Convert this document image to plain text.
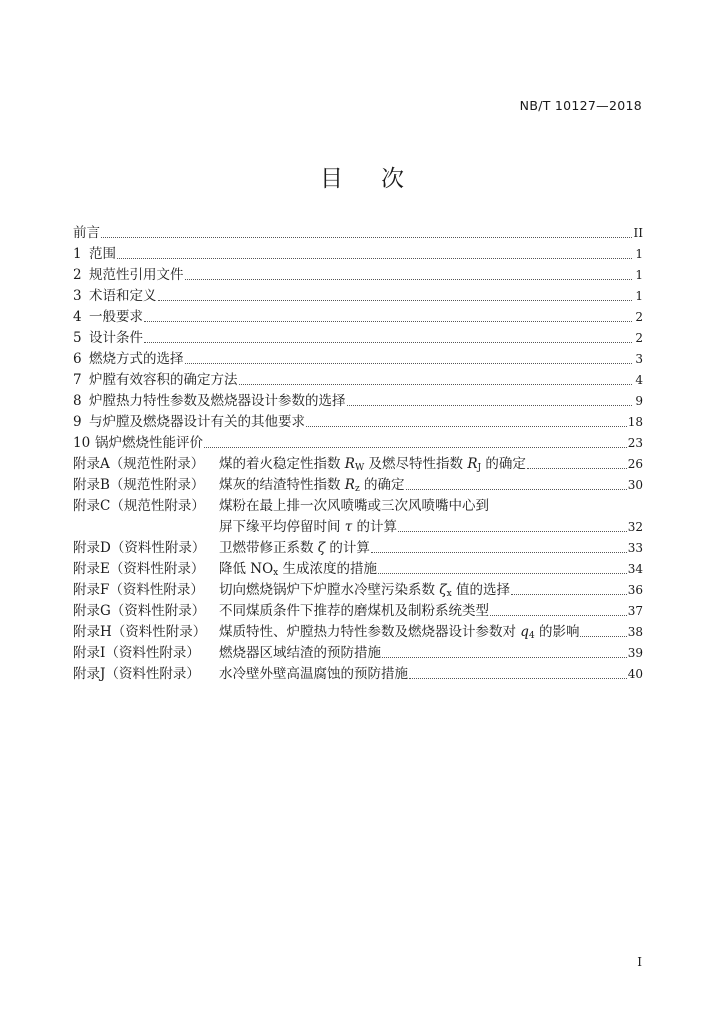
NB/T 10127—2018
目次
前言	II
1 范围	1
2 规范性引用文件	1
3 术语和定义	1
4 一般要求	2
5 设计条件	2
6 燃烧方式的选择	3
7 炉膛有效容积的确定方法	4
8 炉膛热力特性参数及燃烧器设计参数的选择	9
9 与炉膛及燃烧器设计有关的其他要求	18
10 锅炉燃烧性能评价	23
附录A（规范性附录）	煤的着火稳定性指数 $R_W$ 及燃尽特性指数 $R_J$ 的确定	26
附录B（规范性附录）	煤灰的结渣特性指数 $R_z$ 的确定	30
附录C（规范性附录）	煤粉在最上排一次风喷嘴或三次风喷嘴中心到
屏下缘平均停留时间 τ 的计算	32
附录D（资料性附录）	卫燃带修正系数 ζ 的计算	33
附录E（资料性附录）	降低 $NO_x$ 生成浓度的措施	34
附录F（资料性附录）	切向燃烧锅炉下炉膛水冷壁污染系数 $\zeta_x$ 值的选择	36
附录G（资料性附录）	不同煤质条件下推荐的磨煤机及制粉系统类型	37
附录H（资料性附录） 煤质特性、炉膛热力特性参数及燃烧器设计参数对 $q_4$ 的影响	38
附录I（资料性附录）	燃烧器区域结渣的预防措施	39
附录J（资料性附录）	水冷壁外壁高温腐蚀的预防措施	40
I
